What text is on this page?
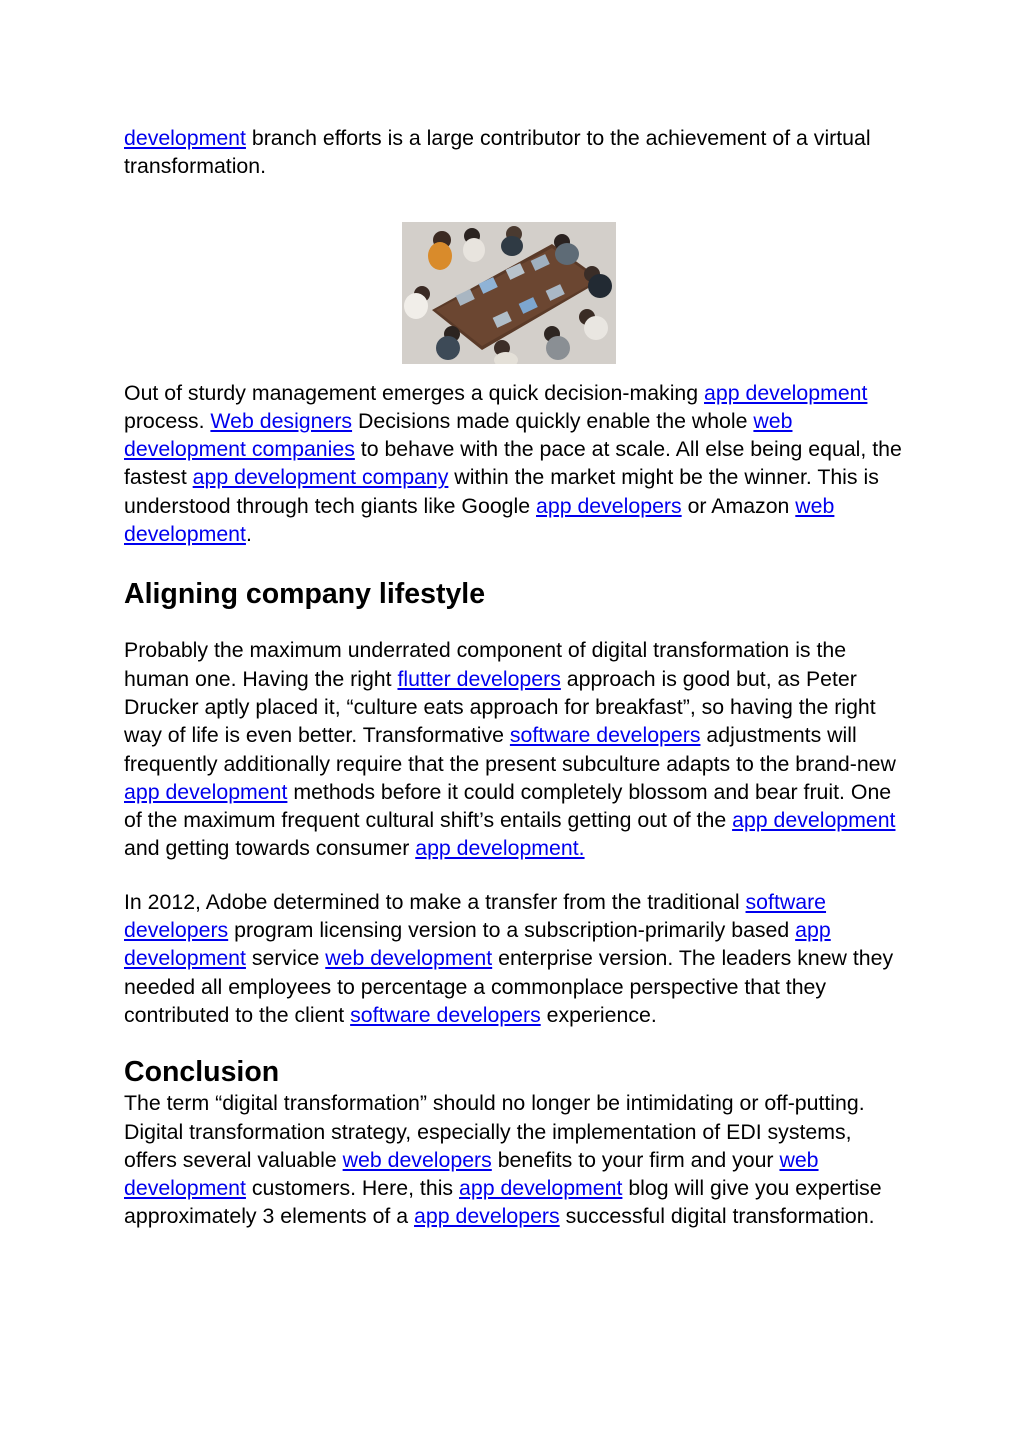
development branch efforts is a large contributor to the achievement of a virtual transformation.

Out of sturdy management emerges a quick decision-making app development process. Web designers Decisions made quickly enable the whole web development companies to behave with the pace at scale. All else being equal, the fastest app development company within the market might be the winner. This is understood through tech giants like Google app developers or Amazon web development.

Aligning company lifestyle

Probably the maximum underrated component of digital transformation is the human one. Having the right flutter developers approach is good but, as Peter Drucker aptly placed it, “culture eats approach for breakfast”, so having the right way of life is even better. Transformative software developers adjustments will frequently additionally require that the present subculture adapts to the brand-new app development methods before it could completely blossom and bear fruit. One of the maximum frequent cultural shift’s entails getting out of the app development and getting towards consumer app development.

In 2012, Adobe determined to make a transfer from the traditional software developers program licensing version to a subscription-primarily based app development service web development enterprise version. The leaders knew they needed all employees to percentage a commonplace perspective that they contributed to the client software developers experience.

Conclusion

The term “digital transformation” should no longer be intimidating or off-putting. Digital transformation strategy, especially the implementation of EDI systems, offers several valuable web developers benefits to your firm and your web development customers. Here, this app development blog will give you expertise approximately 3 elements of a app developers successful digital transformation.
